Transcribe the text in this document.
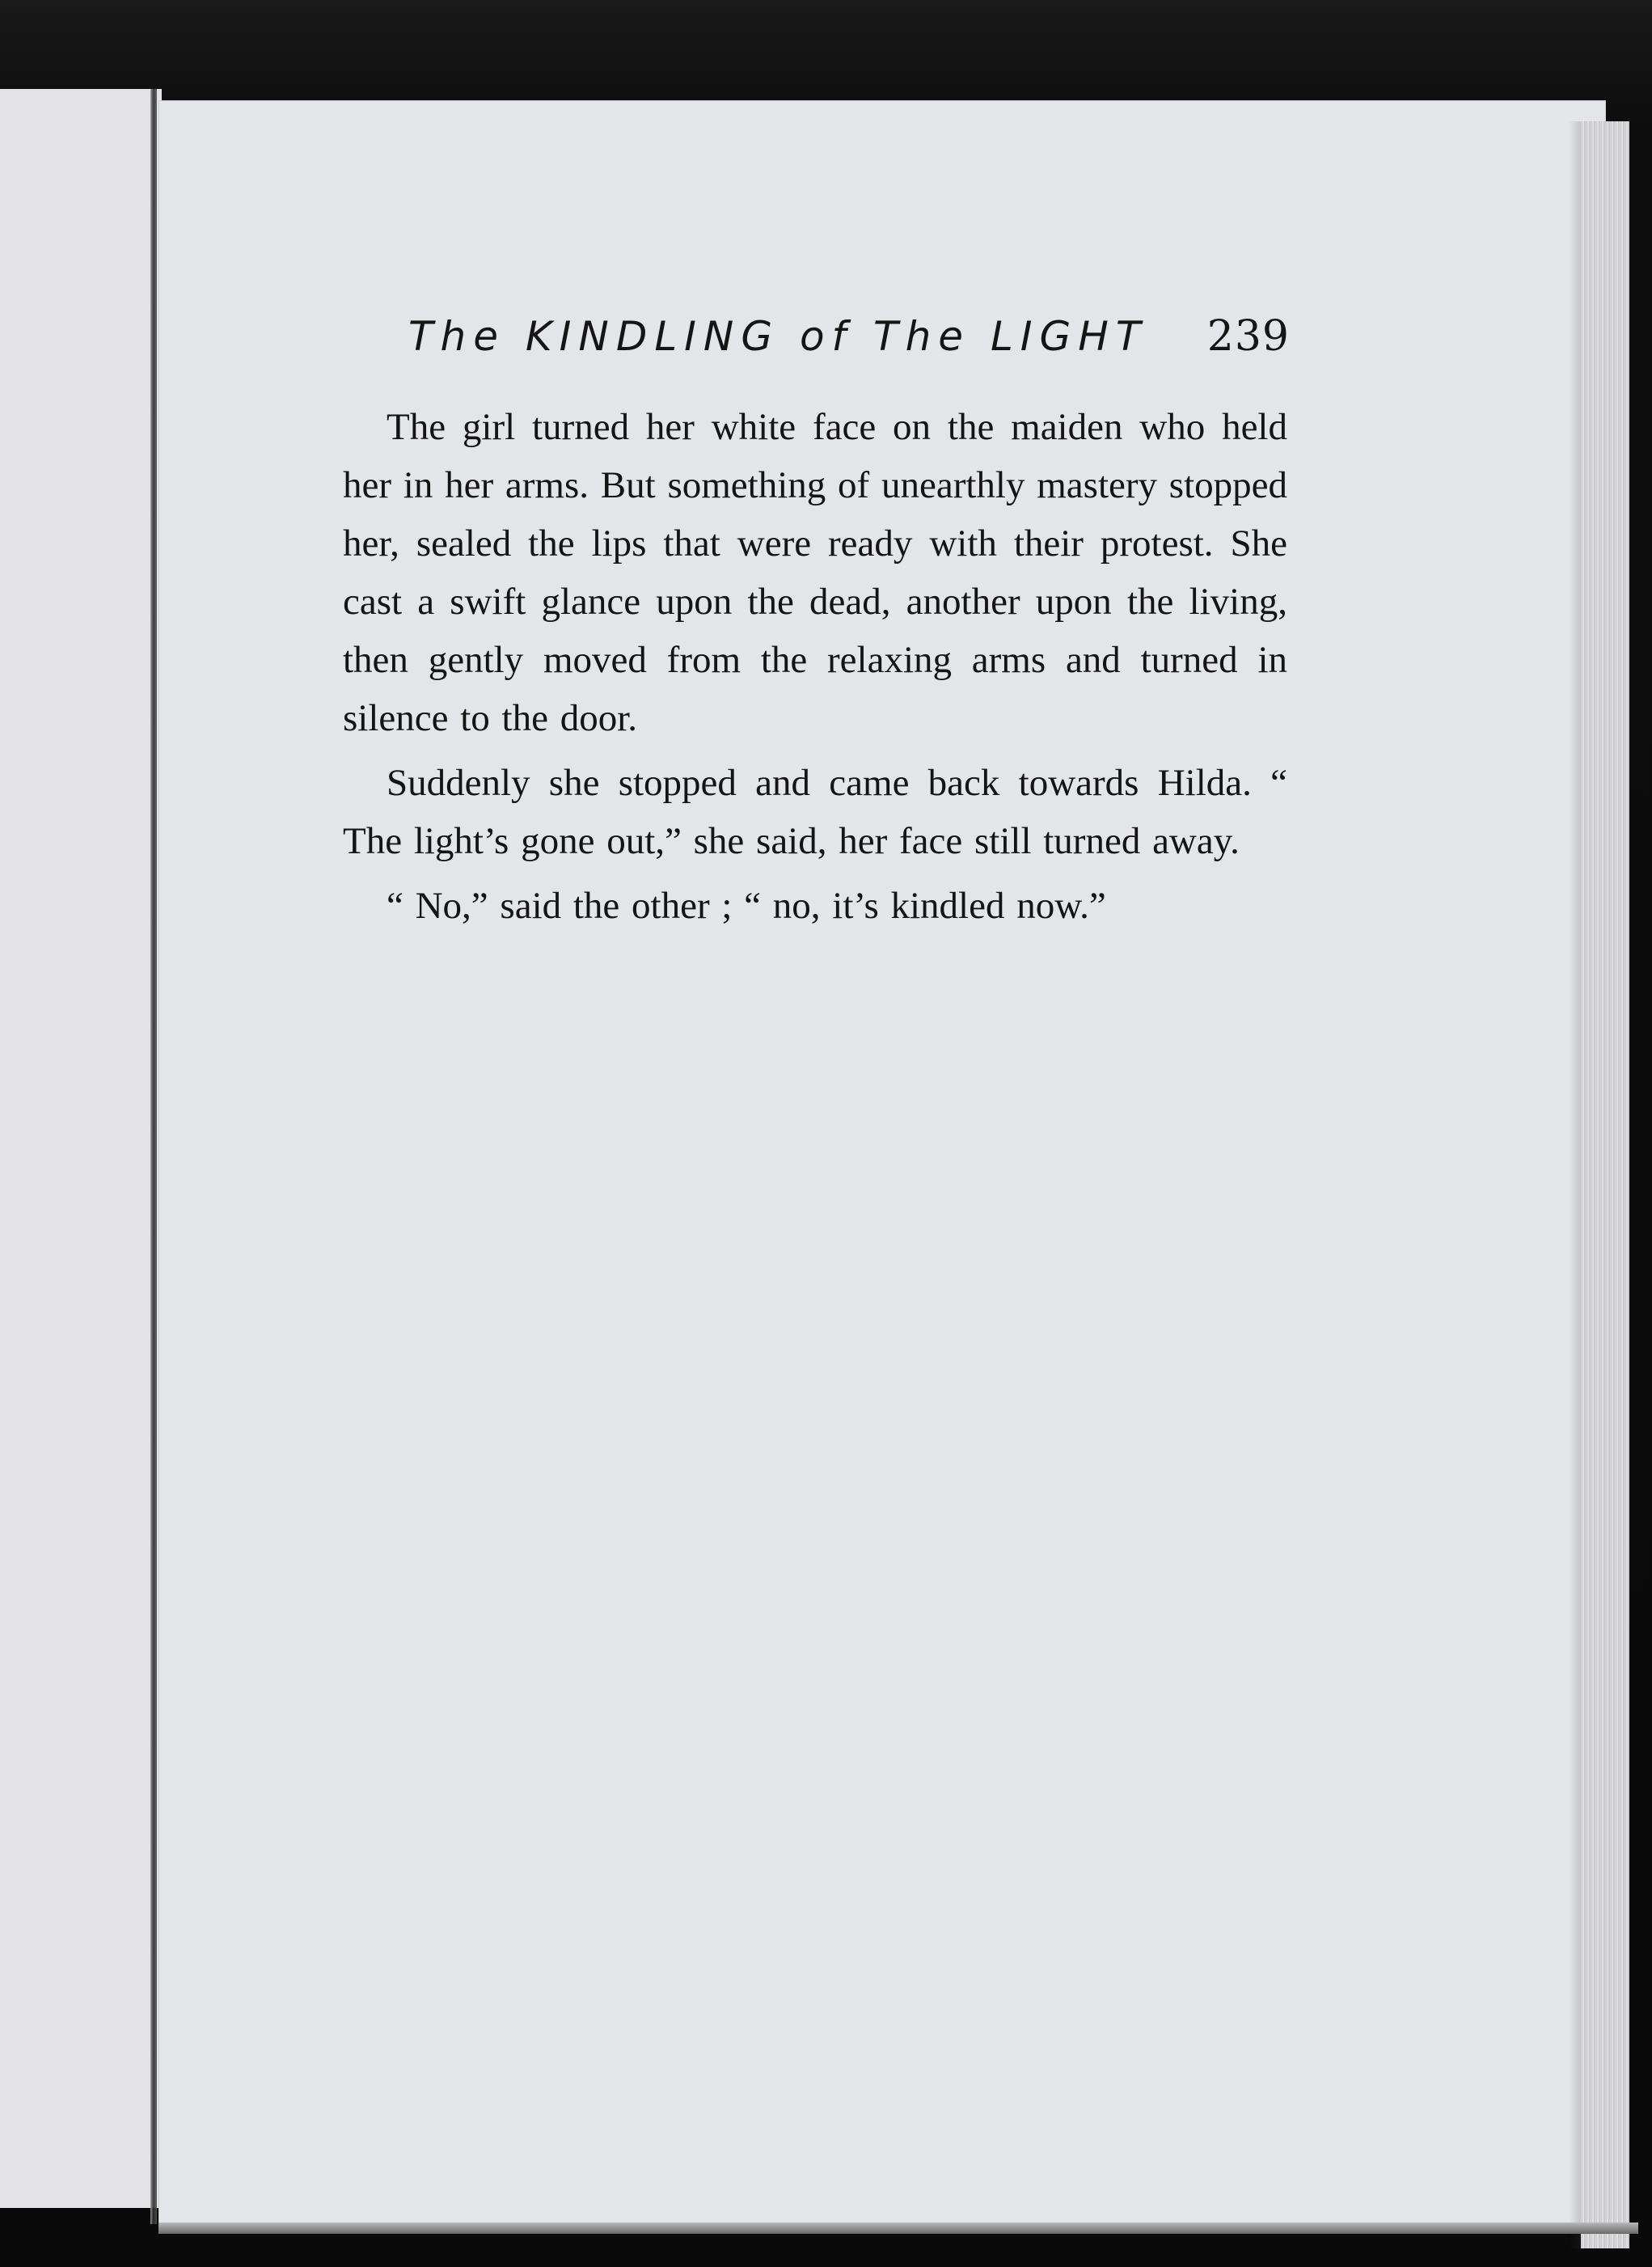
The KINDLING of The LIGHT 239

The girl turned her white face on the maiden who held her in her arms. But something of unearthly mastery stopped her, sealed the lips that were ready with their protest. She cast a swift glance upon the dead, another upon the living, then gently moved from the relaxing arms and turned in silence to the door.

Suddenly she stopped and came back towards Hilda. “ The light’s gone out,” she said, her face still turned away.

“ No,” said the other ; “ no, it’s kindled now.”
